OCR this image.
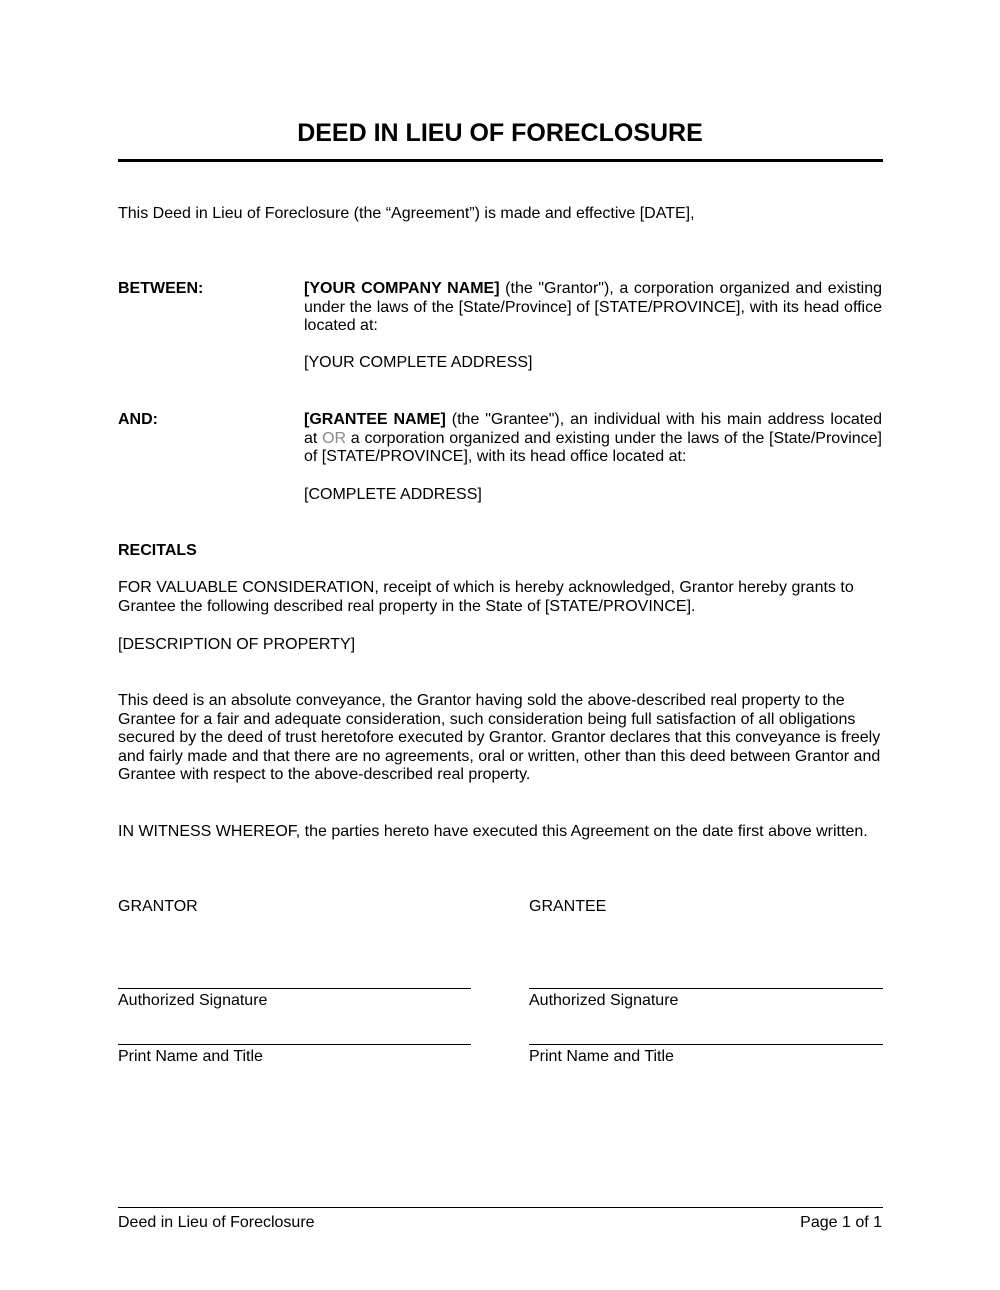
DEED IN LIEU OF FORECLOSURE

This Deed in Lieu of Foreclosure (the “Agreement”) is made and effective [DATE],

BETWEEN:	[YOUR COMPANY NAME] (the "Grantor"), a corporation organized and existing under the laws of the [State/Province] of [STATE/PROVINCE], with its head office located at:

[YOUR COMPLETE ADDRESS]

AND:	[GRANTEE NAME] (the "Grantee"), an individual with his main address located at OR a corporation organized and existing under the laws of the [State/Province] of [STATE/PROVINCE], with its head office located at:

[COMPLETE ADDRESS]

RECITALS

FOR VALUABLE CONSIDERATION, receipt of which is hereby acknowledged, Grantor hereby grants to Grantee the following described real property in the State of [STATE/PROVINCE].

[DESCRIPTION OF PROPERTY]

This deed is an absolute conveyance, the Grantor having sold the above-described real property to the Grantee for a fair and adequate consideration, such consideration being full satisfaction of all obligations secured by the deed of trust heretofore executed by Grantor. Grantor declares that this conveyance is freely and fairly made and that there are no agreements, oral or written, other than this deed between Grantor and Grantee with respect to the above-described real property.

IN WITNESS WHEREOF, the parties hereto have executed this Agreement on the date first above written.

GRANTOR	GRANTEE

Authorized Signature	Authorized Signature

Print Name and Title	Print Name and Title

Deed in Lieu of Foreclosure	Page 1 of 1
